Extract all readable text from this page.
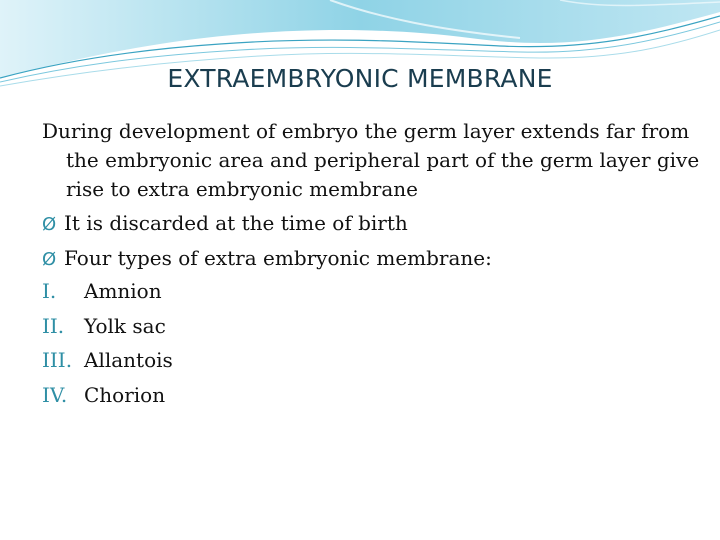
EXTRAEMBRYONIC MEMBRANE

During development of embryo the germ layer extends far from the embryonic area and peripheral part of the germ layer give rise to extra embryonic membrane

Ø It is discarded at the time of birth
Ø Four types of extra embryonic membrane:
I.	Amnion
II. Yolk sac
III. Allantois
IV. Chorion
